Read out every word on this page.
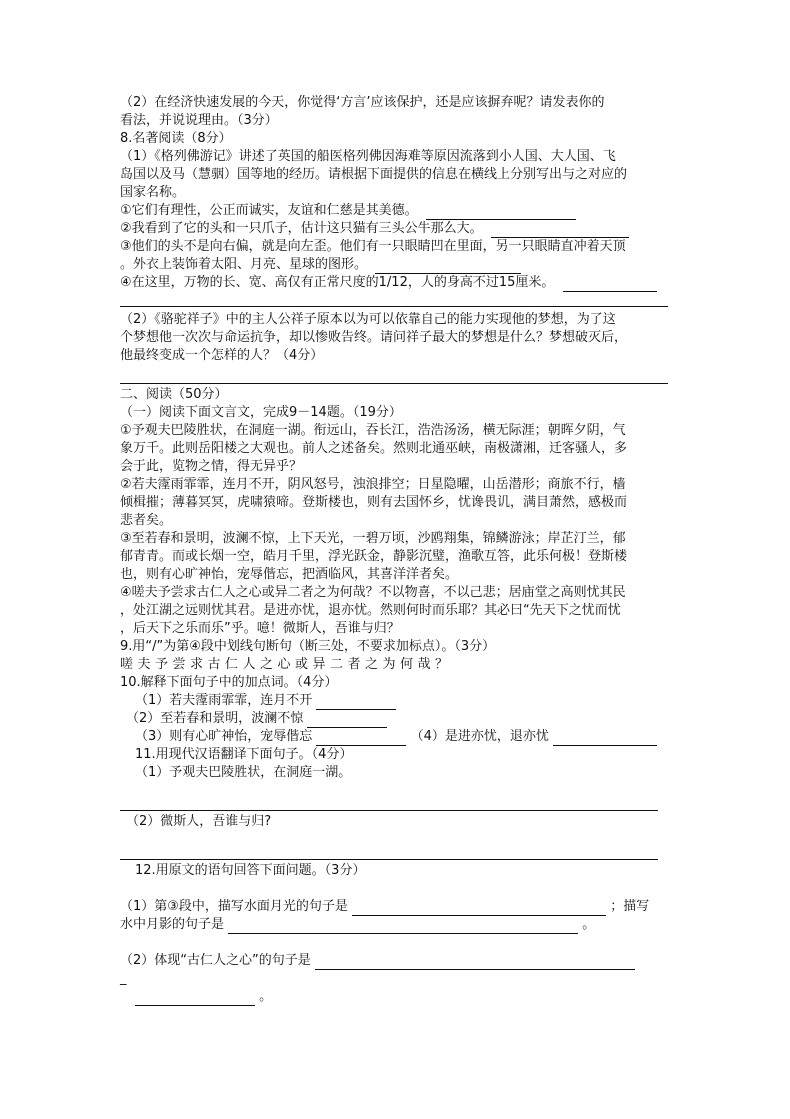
（2）在经济快速发展的今天，你觉得‘方言’应该保护，还是应该摒弃呢？请发表你的
看法，并说说理由。（3分）
8.名著阅读（8分）
（1）《格列佛游记》讲述了英国的船医格列佛因海难等原因流落到小人国、大人国、飞
岛国以及马（慧骃）国等地的经历。请根据下面提供的信息在横线上分别写出与之对应的
国家名称。
①它们有理性，公正而诚实，友谊和仁慈是其美德。
②我看到了它的头和一只爪子，估计这只猫有三头公牛那么大。
③他们的头不是向右偏，就是向左歪。他们有一只眼睛凹在里面，另一只眼睛直冲着天顶
。外衣上装饰着太阳、月亮、星球的图形。
④在这里，万物的长、宽、高仅有正常尺度的1/12，人的身高不过15厘米。
（2）《骆驼祥子》中的主人公祥子原本以为可以依靠自己的能力实现他的梦想，为了这
个梦想他一次次与命运抗争，却以惨败告终。请问祥子最大的梦想是什么？梦想破灭后，
他最终变成一个怎样的人？（4分）
二、阅读（50分）
（一）阅读下面文言文，完成9－14题。（19分）
①予观夫巴陵胜状，在洞庭一湖。衔远山，吞长江，浩浩汤汤，横无际涯；朝晖夕阴，气
象万千。此则岳阳楼之大观也。前人之述备矣。然则北通巫峡，南极潇湘，迁客骚人，多
会于此，览物之情，得无异乎？
②若夫霪雨霏霏，连月不开，阴风怒号，浊浪排空；日星隐曜，山岳潜形；商旅不行，樯
倾楫摧；薄暮冥冥，虎啸猿啼。登斯楼也，则有去国怀乡，忧谗畏讥，满目萧然，感极而
悲者矣。
③至若春和景明，波澜不惊，上下天光，一碧万顷，沙鸥翔集，锦鳞游泳；岸芷汀兰，郁
郁青青。而或长烟一空，皓月千里，浮光跃金，静影沉璧，渔歌互答，此乐何极！登斯楼
也，则有心旷神怡，宠辱偕忘，把酒临风，其喜洋洋者矣。
④嗟夫予尝求古仁人之心或异二者之为何哉？不以物喜，不以己悲；居庙堂之高则忧其民
，处江湖之远则忧其君。是进亦忧，退亦忧。然则何时而乐耶？其必曰“先天下之忧而忧
，后天下之乐而乐”乎。噫！微斯人，吾谁与归？
9.用“/”为第④段中划线句断句（断三处，不要求加标点）。（3分）
嗟夫予尝求古仁人之心或异二者之为何哉？
10.解释下面句子中的加点词。（4分）
（1）若夫霪雨霏霏，连月不开
（2）至若春和景明，波澜不惊
（3）则有心旷神怡，宠辱偕忘	（4）是进亦忧，退亦忧
11.用现代汉语翻译下面句子。（4分）
（1）予观夫巴陵胜状，在洞庭一湖。
（2）微斯人，吾谁与归?
12.用原文的语句回答下面问题。（3分）
（1）第③段中，描写水面月光的句子是	；描写
水中月影的句子是	。
（2）体现“古仁人之心”的句子是
_
。
